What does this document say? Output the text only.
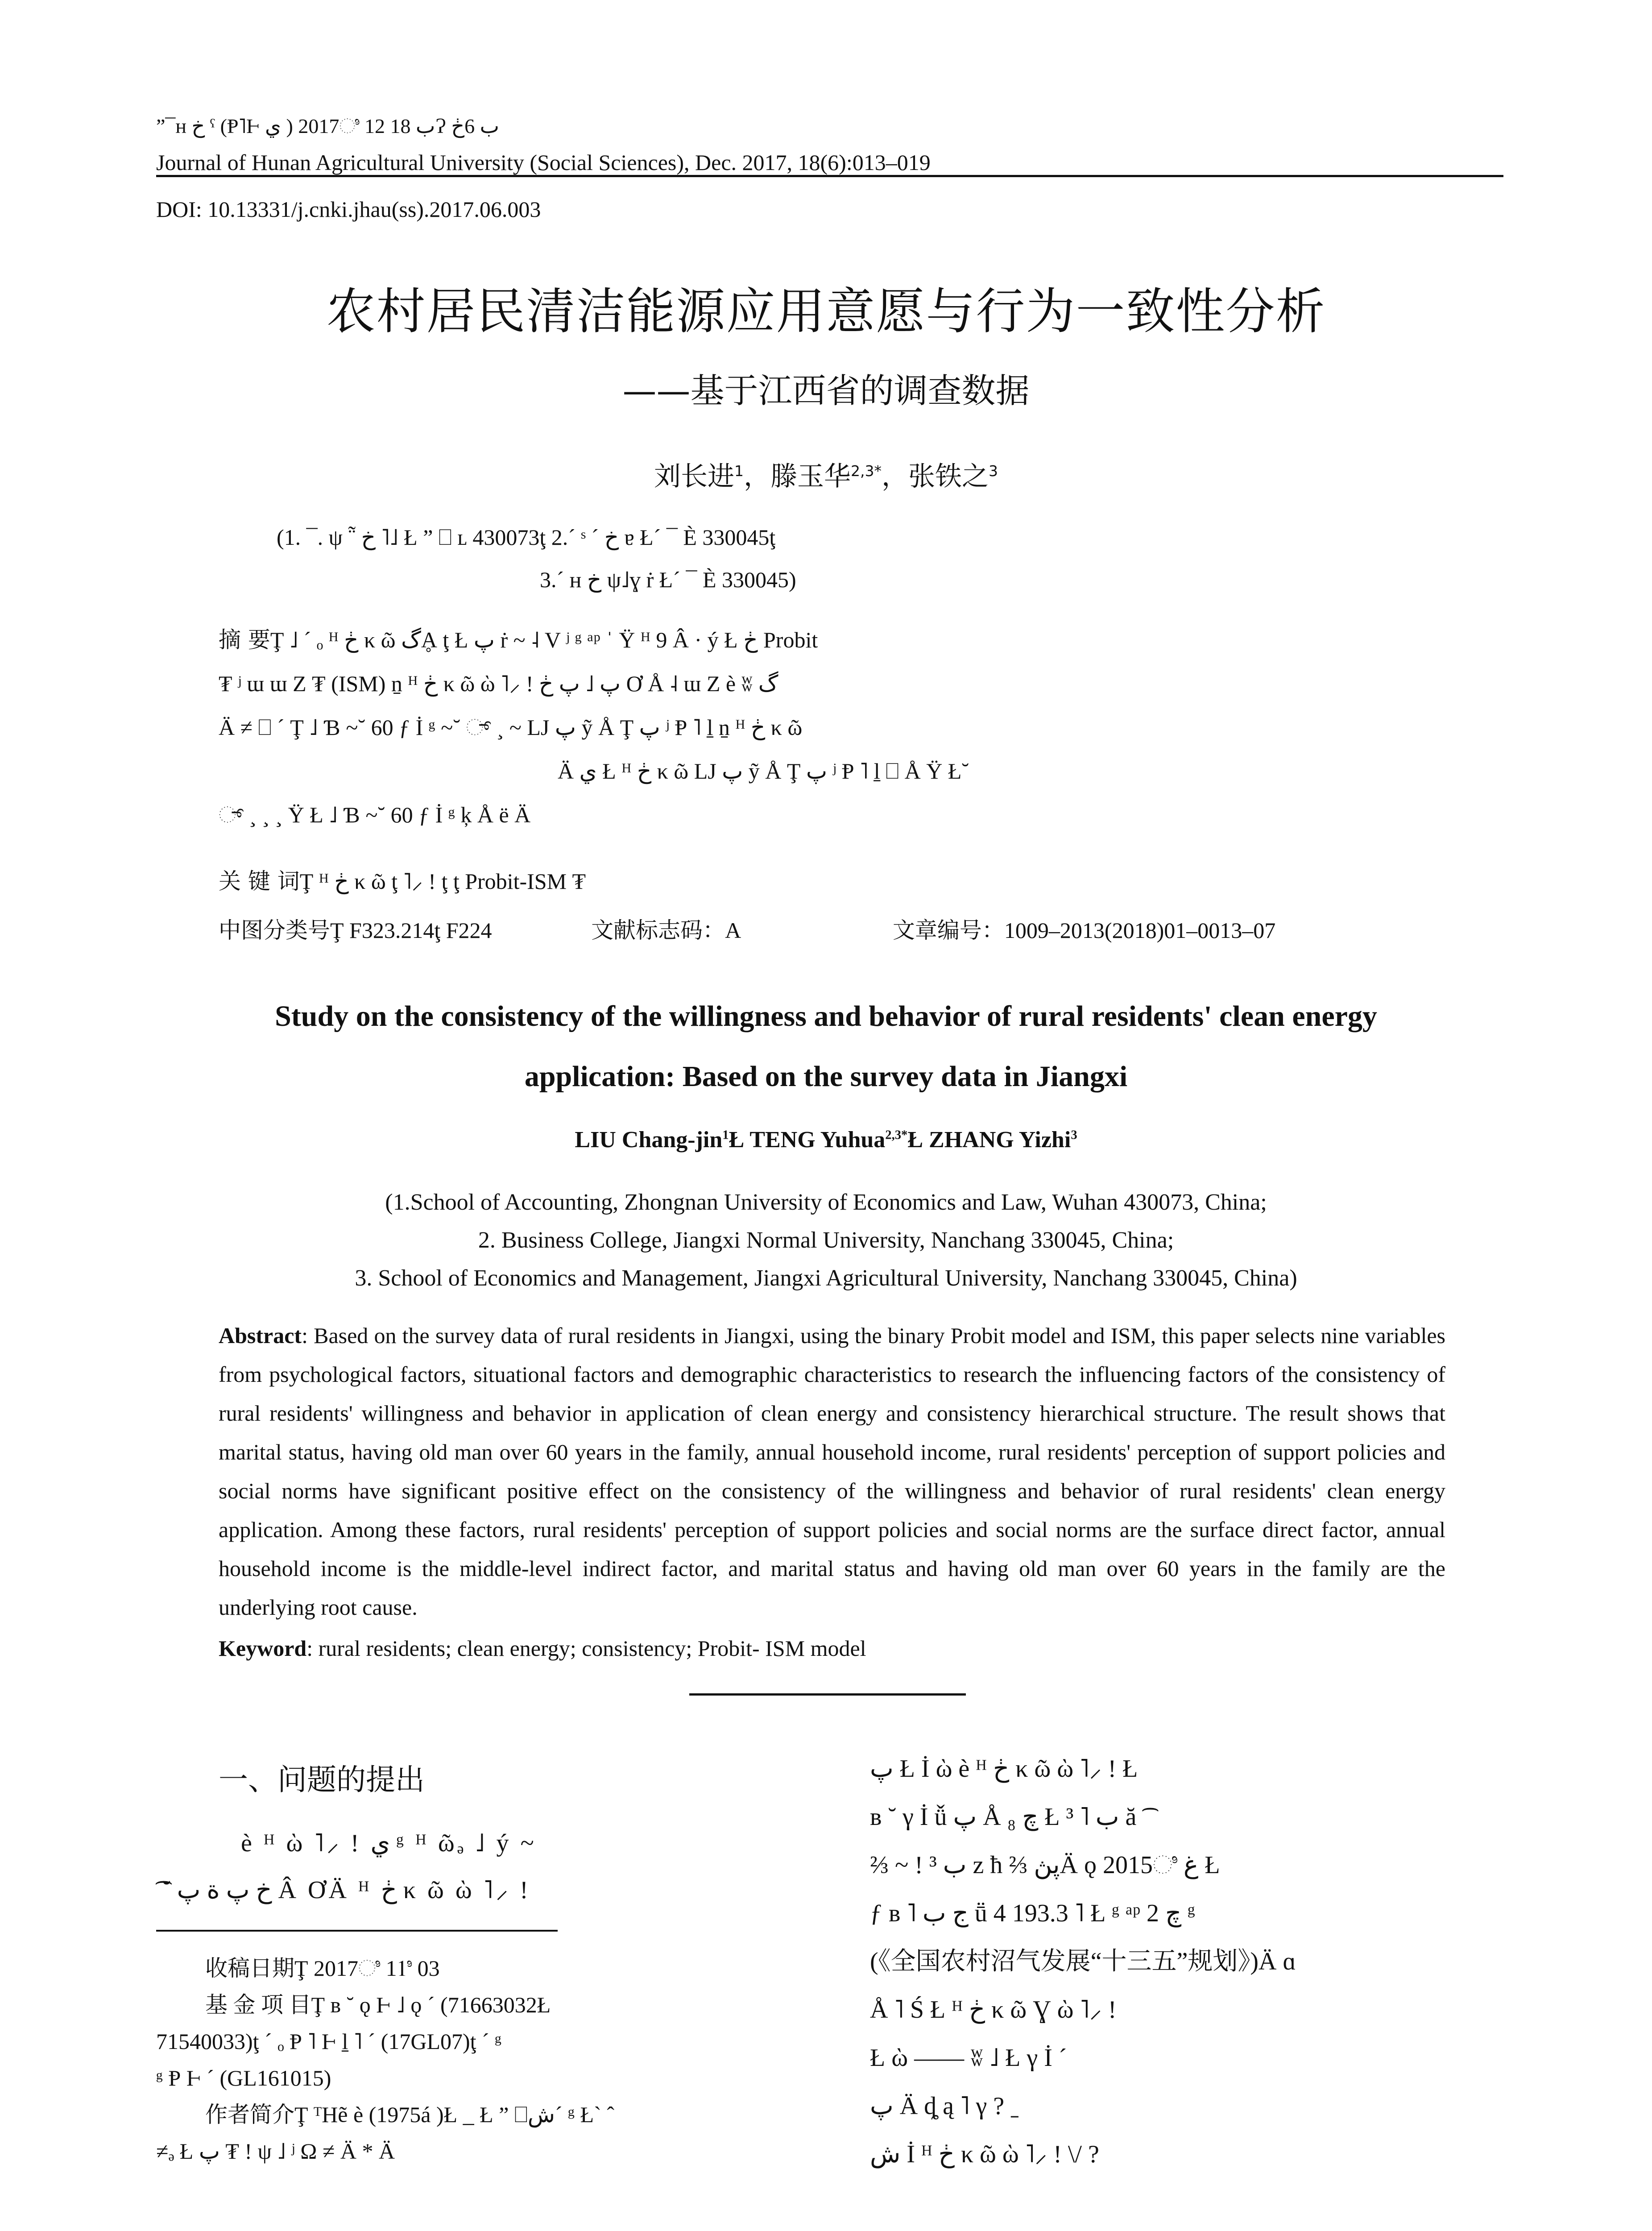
”¯ʜ خ ˤ (Ᵽ˥Ⱶ ي ) 2017ಿ 12 ب 18Ɂ ب 6ڂ
Journal of Hunan Agricultural University (Social Sciences), Dec. 2017, 18(6):013–019
DOI: 10.13331/j.cnki.jhau(ss).2017.06.003
农村居民清洁能源应用意愿与行为一致性分析
——基于江西省的调查数据
刘长进$^1$，滕玉华$^{2,3*}$，张铁之$^3$
(1. ¯. ψ ῁ خ ˥˩ Ł ” ⎕ ʟ 430073ţ 2.´ ˢ ´ خ ɐ Ł´ ¯ È 330045ţ
3.´ ʜ خ ψ˩ɣ ṙ Ł´ ¯ È 330045)
摘 要Ţ ˩ ´ ₒ ᴴ ڂ κ ῶ گḀ ţ Ł پ ṙ ~ ˨ V ʲ ᵍ ᵃᵖ ˈ Ÿ ᴴ 9 Â · ý Ł ڂ Probit
₮ ʲ ɯ ɯ Z ₮ (ISM) ṉ ᴴ ڂ κ ῶ ὼ ˥⸝ ! پ ˩ پ ڂ Ơ Å ˨ ɯ Z è ʬ گ
Ä ≠ ⎕ ´ Ţ ˩ Ɓ ~˘ 60 ƒ İ ᵍ ~˘ ್ ¸ ~ Ǉ پ ỹ Å Ţ پ ʲ Ᵽ ˥ ḻ ṉ ᴴ ڂ κ ῶ
Ä ي Ł ᴴ ڂ κ ῶ Ǉ پ ỹ Å Ţ پ ʲ Ᵽ ˥ ḻ ⎕ Å Ÿ Ł˘
್ ¸ ¸ ¸ Ÿ Ł ˩ Ɓ ~˘ 60 ƒ İ ᵍ ķ Å ë Ä
关 键 词Ţ ᴴ ڂ κ ῶ ţ ˥⸝ ! ţ ţ Probit-ISM ₮
中图分类号Ţ F323.214ţ F224	文献标志码：A	文章编号：1009–2013(2018)01–0013–07
Study on the consistency of the willingness and behavior of rural residents' clean energy
application: Based on the survey data in Jiangxi
LIU Chang-jin$^1$Ł TENG Yuhua$^{2,3*}$Ł ZHANG Yizhi$^3$
(1.School of Accounting, Zhongnan University of Economics and Law, Wuhan 430073, China;
2. Business College, Jiangxi Normal University, Nanchang 330045, China;
3. School of Economics and Management, Jiangxi Agricultural University, Nanchang 330045, China)
Abstract: Based on the survey data of rural residents in Jiangxi, using the binary Probit model and ISM, this paper selects nine variables from psychological factors, situational factors and demographic characteristics to research the influencing factors of the consistency of rural residents' willingness and behavior in application of clean energy and consistency hierarchical structure. The result shows that marital status, having old man over 60 years in the family, annual household income, rural residents' perception of support policies and social norms have significant positive effect on the consistency of the willingness and behavior of rural residents' clean energy application. Among these factors, rural residents' perception of support policies and social norms are the surface direct factor, annual household income is the middle-level indirect factor, and marital status and having old man over 60 years in the family are the underlying root cause.
Keyword: rural residents; clean energy; consistency; Probit- ISM model
一、问题的提出
è ᴴ ὼ ˥⸝ ! ي ᵍ ᴴ ῶₔ ˩ ý ~
͡ ˘ خ پ ة پ Â ƠÄ ᴴ ڂ κ ῶ ὼ ˥⸝ !
收稿日期Ţ 2017ಿ 11ಿ 03
基 金 项 目Ţ ʙ ˘ ǫ Ⱶ ˩ ǫ ´ (71663032Ł
71540033)ţ ´ ₒ Ᵽ ˥ Ⱶ ḻ ˥ ´ (17GL07)ţ ´ ᵍ
ᵍ Ᵽ Ⱶ ´ (GL161015)
作者简介Ţ ᵀHẽ è (1975á )Ł _ Ł ” ⎕شˊ ᵍ Łˋ ˆ
≠ₔ Ł پ ₮ ! ψ ˩ ʲ Ω ≠ Ä * Ä
پ Ł İ ὼ è ᴴ ڂ κ ῶ ὼ ˥⸝ ! Ł
ʙ ˘ γ İ ǚ پ Å چ ₈ Ł ³ ˥ ب ă ͡
⅔ ~ ! ³ ب z ħ ⅔ پڽÄ ǫ 2015ಿ غ Ł
ƒ ʙ ˥ ج ب ṻ 4 193.3 ˥ Ł ᵍ ᵃᵖ چ 2 ᵍ
(《全国农村沼气发展“十三五”规划》)Ä ɑ
Å ˥ Ś Ł ᴴ ڂ κ ῶ Ɣ ὼ ˥⸝ !
Ł ὼ —— ʬ ˩ Ł γ İ ´
پ Ä ȡ ą ˥ γ ? ˍ
ش İ ᴴ ڂ κ ῶ ὼ ˥⸝ ! \/ ?
